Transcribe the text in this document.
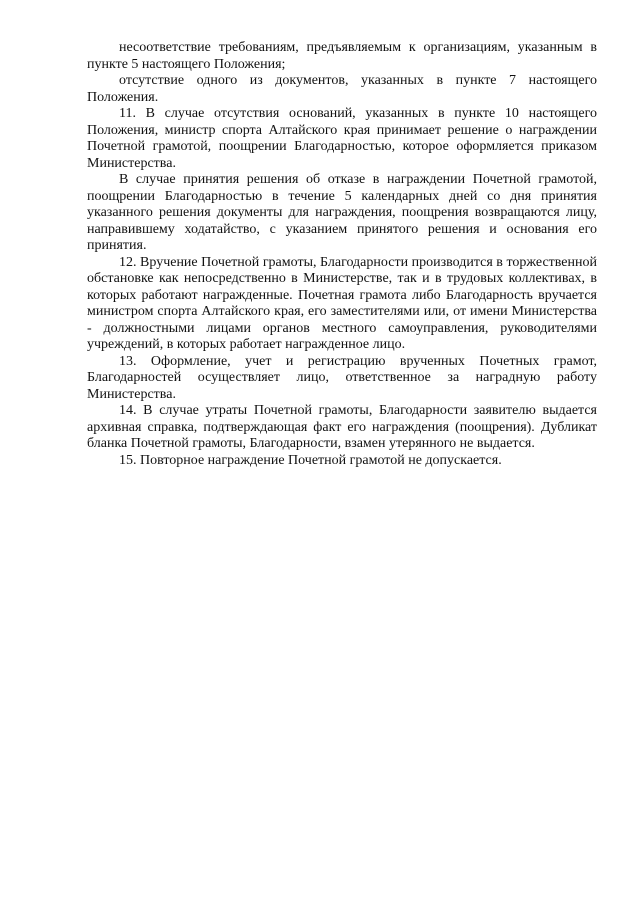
несоответствие требованиям, предъявляемым к организациям, указанным в пункте 5 настоящего Положения;

отсутствие одного из документов, указанных в пункте 7 настоящего Положения.

11. В случае отсутствия оснований, указанных в пункте 10 настоящего Положения, министр спорта Алтайского края принимает решение о награждении Почетной грамотой, поощрении Благодарностью, которое оформляется приказом Министерства.

В случае принятия решения об отказе в награждении Почетной грамотой, поощрении Благодарностью в течение 5 календарных дней со дня принятия указанного решения документы для награждения, поощрения возвращаются лицу, направившему ходатайство, с указанием принятого решения и основания его принятия.

12. Вручение Почетной грамоты, Благодарности производится в торжественной обстановке как непосредственно в Министерстве, так и в трудовых коллективах, в которых работают награжденные. Почетная грамота либо Благодарность вручается министром спорта Алтайского края, его заместителями или, от имени Министерства - должностными лицами органов местного самоуправления, руководителями учреждений, в которых работает награжденное лицо.

13. Оформление, учет и регистрацию врученных Почетных грамот, Благодарностей осуществляет лицо, ответственное за наградную работу Министерства.

14. В случае утраты Почетной грамоты, Благодарности заявителю выдается архивная справка, подтверждающая факт его награждения (поощрения). Дубликат бланка Почетной грамоты, Благодарности, взамен утерянного не выдается.

15. Повторное награждение Почетной грамотой не допускается.
